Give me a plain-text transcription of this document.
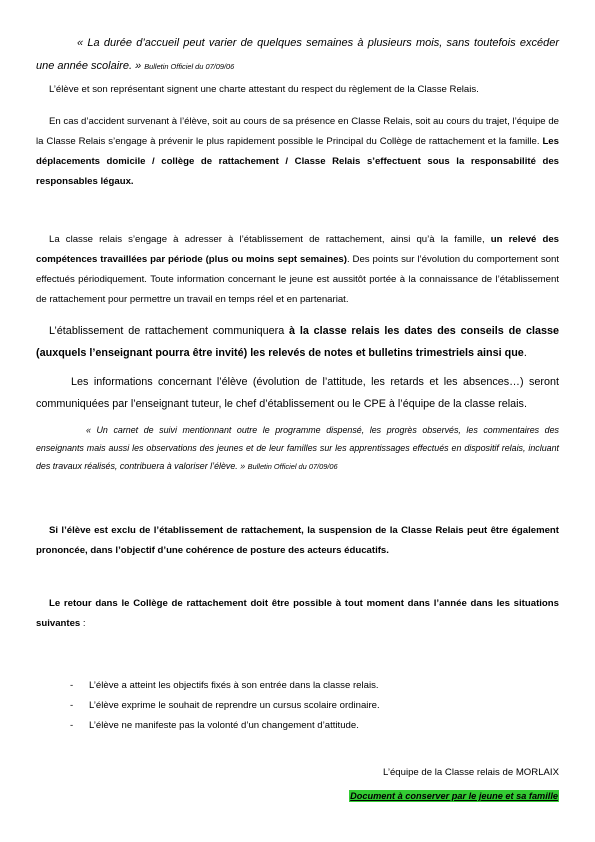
« La durée d’accueil peut varier de quelques semaines à plusieurs mois, sans toutefois excéder une année scolaire. » Bulletin Officiel du 07/09/06

L’élève et son représentant signent une charte attestant du respect du règlement de la Classe Relais.

En cas d’accident survenant à l’élève, soit au cours de sa présence en Classe Relais, soit au cours du trajet, l’équipe de la Classe Relais s’engage à prévenir le plus rapidement possible le Principal du Collège de rattachement et la famille. Les déplacements domicile / collège de rattachement / Classe Relais s’effectuent sous la responsabilité des responsables légaux.

La classe relais s’engage à adresser à l’établissement de rattachement, ainsi qu’à la famille, un relevé des compétences travaillées par période (plus ou moins sept semaines). Des points sur l’évolution du comportement sont effectués périodiquement. Toute information concernant le jeune est aussitôt portée à la connaissance de l’établissement de rattachement pour permettre un travail en temps réel et en partenariat.

L’établissement de rattachement communiquera à la classe relais les dates des conseils de classe (auxquels l’enseignant pourra être invité) les relevés de notes et bulletins trimestriels ainsi que.

Les informations concernant l’élève (évolution de l’attitude, les retards et les absences…) seront communiquées par l’enseignant tuteur, le chef d’établissement ou le CPE à l’équipe de la classe relais.

« Un carnet de suivi mentionnant outre le programme dispensé, les progrès observés, les commentaires des enseignants mais aussi les observations des jeunes et de leur familles sur les apprentissages effectués en dispositif relais, incluant des travaux réalisés, contribuera à valoriser l’élève. » Bulletin Officiel du 07/09/06

Si l’élève est exclu de l’établissement de rattachement, la suspension de la Classe Relais peut être également prononcée, dans l’objectif d’une cohérence de posture des acteurs éducatifs.

Le retour dans le Collège de rattachement doit être possible à tout moment dans l’année dans les situations suivantes :

- L’élève a atteint les objectifs fixés à son entrée dans la classe relais.
- L’élève exprime le souhait de reprendre un cursus scolaire ordinaire.
- L’élève ne manifeste pas la volonté d’un changement d’attitude.
L’équipe de la Classe relais de MORLAIX
Document à conserver par le jeune et sa famille
